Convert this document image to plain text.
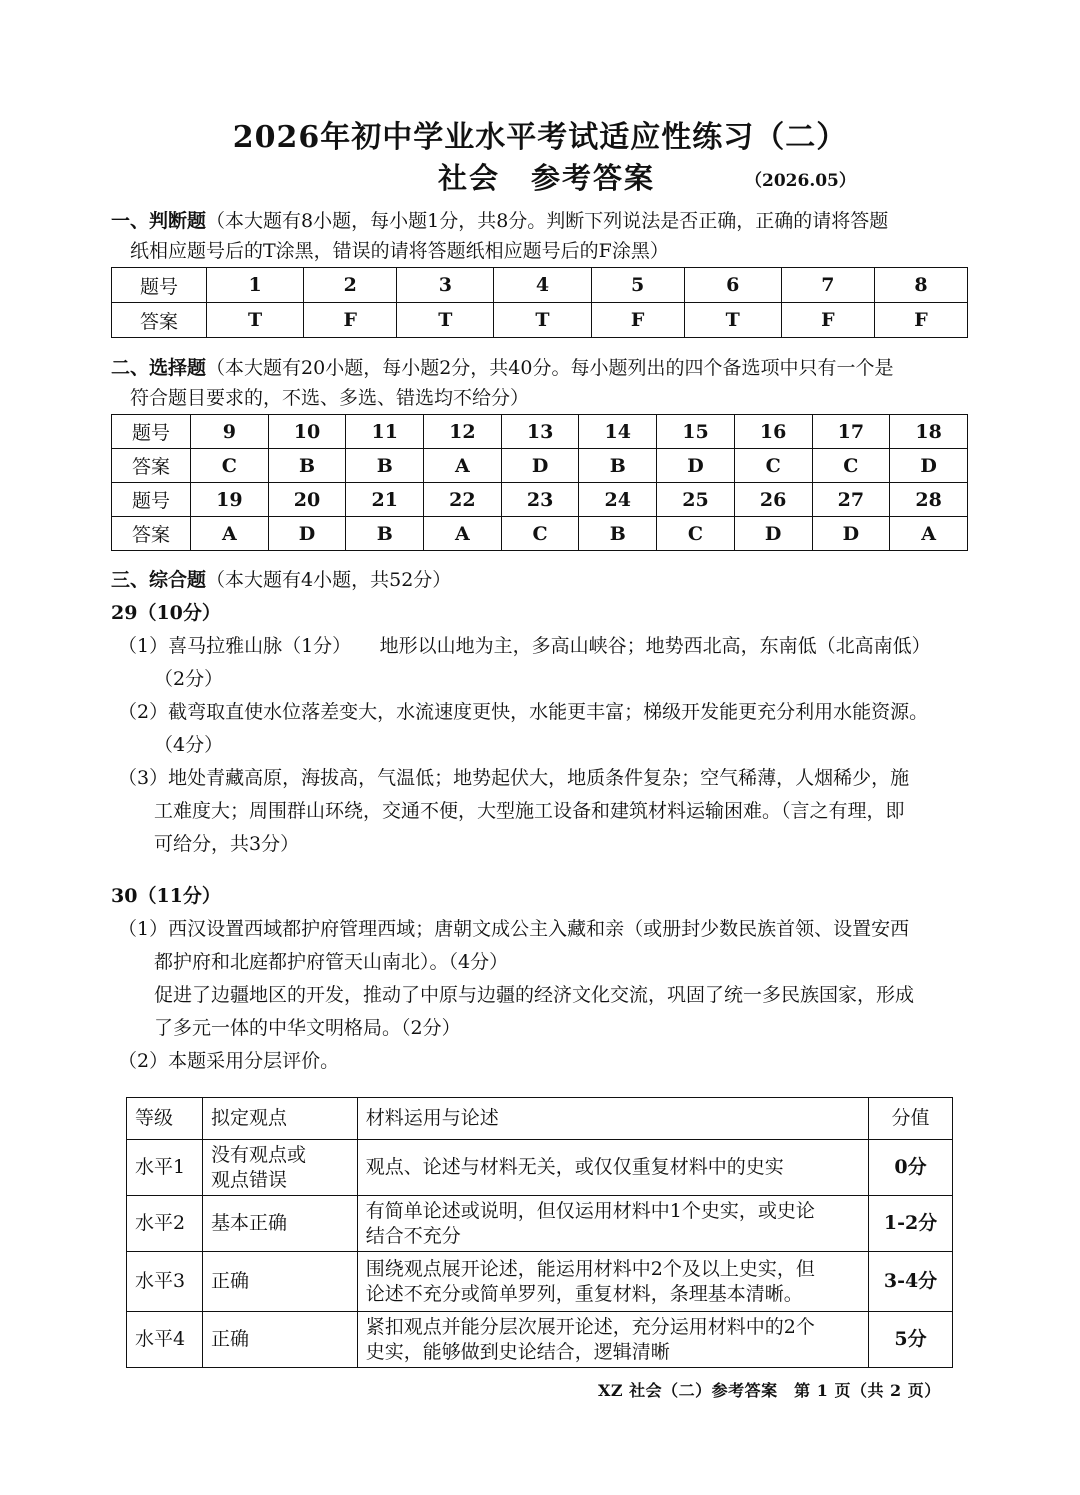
2026年初中学业水平考试适应性练习（二）
社会　参考答案	（2026.05）
一、判断题（本大题有8小题，每小题1分，共8分。判断下列说法是否正确，正确的请将答题
纸相应题号后的T涂黑，错误的请将答题纸相应题号后的F涂黑）
题号	1	2	3	4	5	6	7	8
答案	T	F	T	T	F	T	F	F
二、选择题（本大题有20小题，每小题2分，共40分。每小题列出的四个备选项中只有一个是
符合题目要求的，不选、多选、错选均不给分）
题号	9	10	11	12	13	14	15	16	17	18
答案	C	B	B	A	D	B	D	C	C	D
题号	19	20	21	22	23	24	25	26	27	28
答案	A	D	B	A	C	B	C	D	D	A
三、综合题（本大题有4小题，共52分）
29（10分）
（1）喜马拉雅山脉（1分）　　地形以山地为主，多高山峡谷；地势西北高，东南低（北高南低）
（2分）
（2）截弯取直使水位落差变大，水流速度更快，水能更丰富；梯级开发能更充分利用水能资源。
（4分）
（3）地处青藏高原，海拔高，气温低；地势起伏大，地质条件复杂；空气稀薄，人烟稀少，施
工难度大；周围群山环绕，交通不便，大型施工设备和建筑材料运输困难。（言之有理，即
可给分，共3分）
30（11分）
（1）西汉设置西域都护府管理西域；唐朝文成公主入藏和亲（或册封少数民族首领、设置安西
都护府和北庭都护府管天山南北）。（4分）
促进了边疆地区的开发，推动了中原与边疆的经济文化交流，巩固了统一多民族国家，形成
了多元一体的中华文明格局。（2分）
（2）本题采用分层评价。
等级	拟定观点	材料运用与论述	分值
水平1	没有观点或
观点错误	观点、论述与材料无关，或仅仅重复材料中的史实	0分
水平2	基本正确	有简单论述或说明，但仅运用材料中1个史实，或史论
结合不充分	1-2分
水平3	正确	围绕观点展开论述，能运用材料中2个及以上史实，但
论述不充分或简单罗列，重复材料，条理基本清晰。	3-4分
水平4	正确	紧扣观点并能分层次展开论述，充分运用材料中的2个
史实，能够做到史论结合，逻辑清晰	5分
XZ 社会（二）参考答案　第 1 页（共 2 页）
